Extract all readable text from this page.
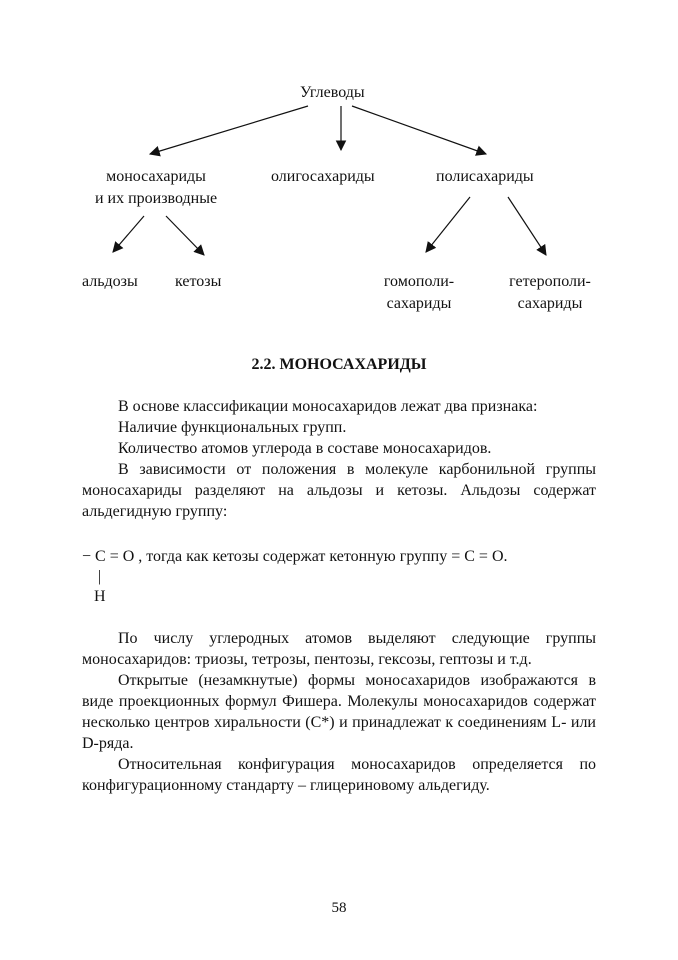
Углеводы
моносахариды
и их производные
олигосахариды	полисахариды
альдозы кетозы	гомополи-
сахариды
гетерополи-
сахариды
2.2. МОНОСАХАРИДЫ

В основе классификации моносахаридов лежат два признака:

Наличие функциональных групп.

Количество атомов углерода в составе моносахаридов.

В зависимости от положения в молекуле карбонильной группы моносахариды разделяют на альдозы и кетозы. Альдозы содержат альдегидную группу:

− C = O , тогда как кетозы содержат кетонную группу = C = O.
|
H

По числу углеродных атомов выделяют следующие группы моносахаридов: триозы, тетрозы, пентозы, гексозы, гептозы и т.д.

Открытые (незамкнутые) формы моносахаридов изображаются в виде проекционных формул Фишера. Молекулы моносахаридов содержат несколько центров хиральности (С*) и принадлежат к соединениям L- или D-ряда.

Относительная конфигурация моносахаридов определяется по конфигурационному стандарту – глицериновому альдегиду.

58
